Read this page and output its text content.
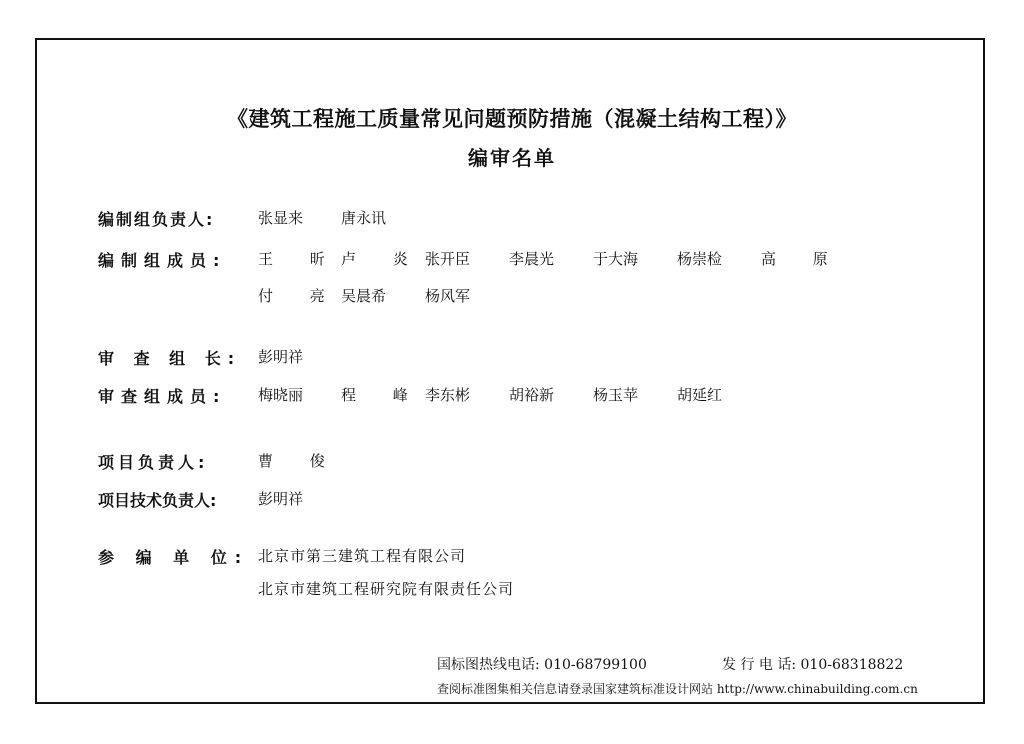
《建筑工程施工质量常见问题预防措施（混凝土结构工程）》
编审名单
编制组负责人:	张显来	唐永讯
编制组成员:	王 昕 卢 炎 张开臣	李晨光	于大海	杨崇检	高 原
付 亮 吴晨希	杨风军
审 查 组 长:	彭明祥
审查组成员:	梅晓丽	程 峰 李东彬	胡裕新	杨玉苹	胡延红
项目负责人:	曹 俊
项目技术负责人:	彭明祥
参 编 单 位: 北京市第三建筑工程有限公司
北京市建筑工程研究院有限责任公司
国标图热线电话: 010-68799100	发 行 电 话: 010-68318822
查阅标准图集相关信息请登录国家建筑标准设计网站 http://www.chinabuilding.com.cn
